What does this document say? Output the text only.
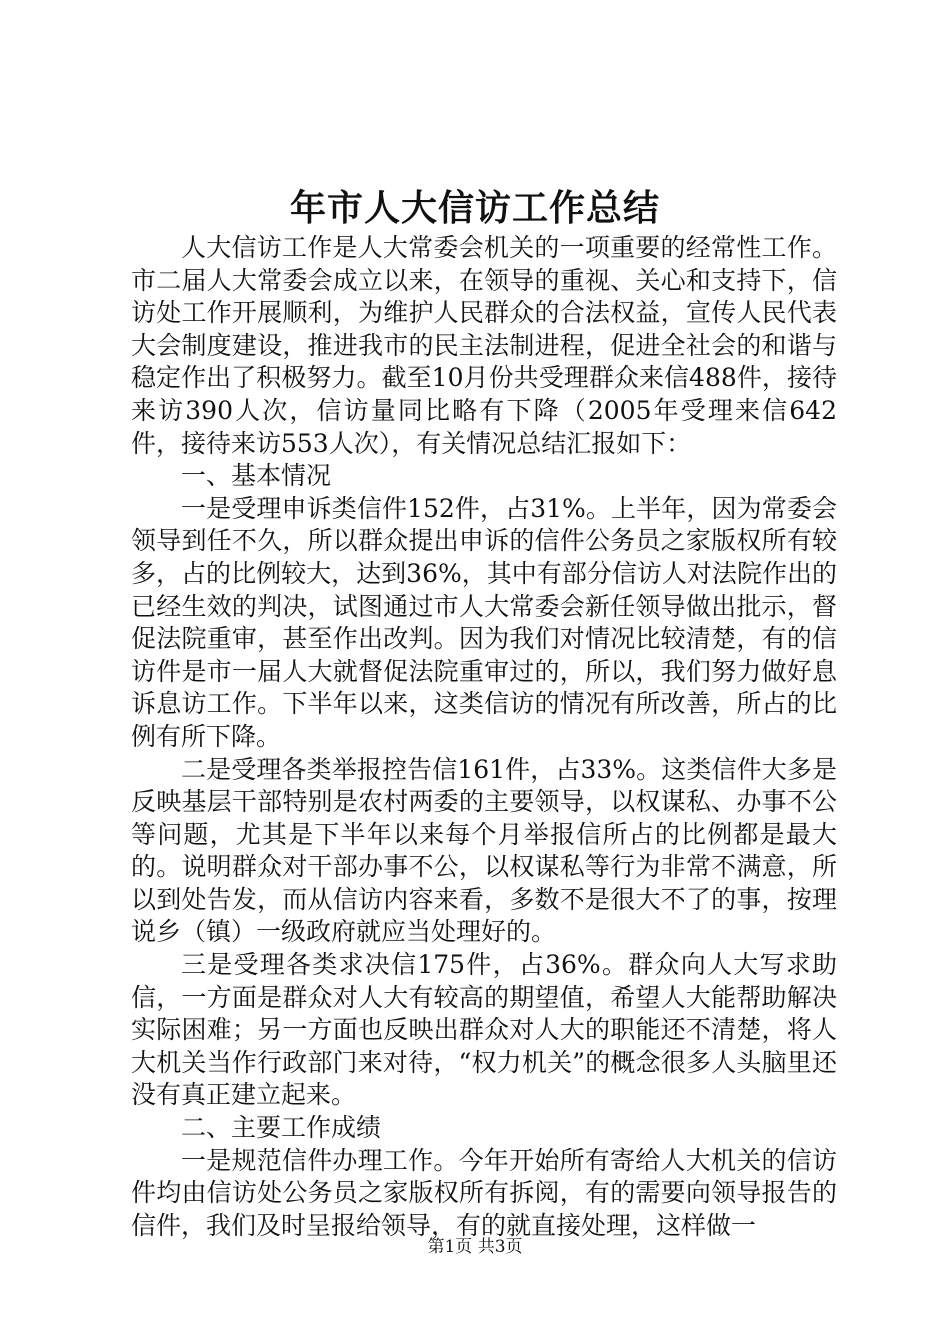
年市人大信访工作总结

人大信访工作是人大常委会机关的一项重要的经常性工作。市二届人大常委会成立以来，在领导的重视、关心和支持下，信访处工作开展顺利，为维护人民群众的合法权益，宣传人民代表大会制度建设，推进我市的民主法制进程，促进全社会的和谐与稳定作出了积极努力。截至10月份共受理群众来信488件，接待来访390人次，信访量同比略有下降（2005年受理来信642件，接待来访553人次），有关情况总结汇报如下：

一、基本情况

一是受理申诉类信件152件，占31%。上半年，因为常委会领导到任不久，所以群众提出申诉的信件公务员之家版权所有较多，占的比例较大，达到36%，其中有部分信访人对法院作出的已经生效的判决，试图通过市人大常委会新任领导做出批示，督促法院重审，甚至作出改判。因为我们对情况比较清楚，有的信访件是市一届人大就督促法院重审过的，所以，我们努力做好息诉息访工作。下半年以来，这类信访的情况有所改善，所占的比例有所下降。

二是受理各类举报控告信161件，占33%。这类信件大多是反映基层干部特别是农村两委的主要领导，以权谋私、办事不公等问题，尤其是下半年以来每个月举报信所占的比例都是最大的。说明群众对干部办事不公，以权谋私等行为非常不满意，所以到处告发，而从信访内容来看，多数不是很大不了的事，按理说乡（镇）一级政府就应当处理好的。

三是受理各类求决信175件，占36%。群众向人大写求助信，一方面是群众对人大有较高的期望值，希望人大能帮助解决实际困难；另一方面也反映出群众对人大的职能还不清楚，将人大机关当作行政部门来对待，“权力机关”的概念很多人头脑里还没有真正建立起来。

二、主要工作成绩

一是规范信件办理工作。今年开始所有寄给人大机关的信访件均由信访处公务员之家版权所有拆阅，有的需要向领导报告的信件，我们及时呈报给领导，有的就直接处理，这样做一

第1页 共3页
